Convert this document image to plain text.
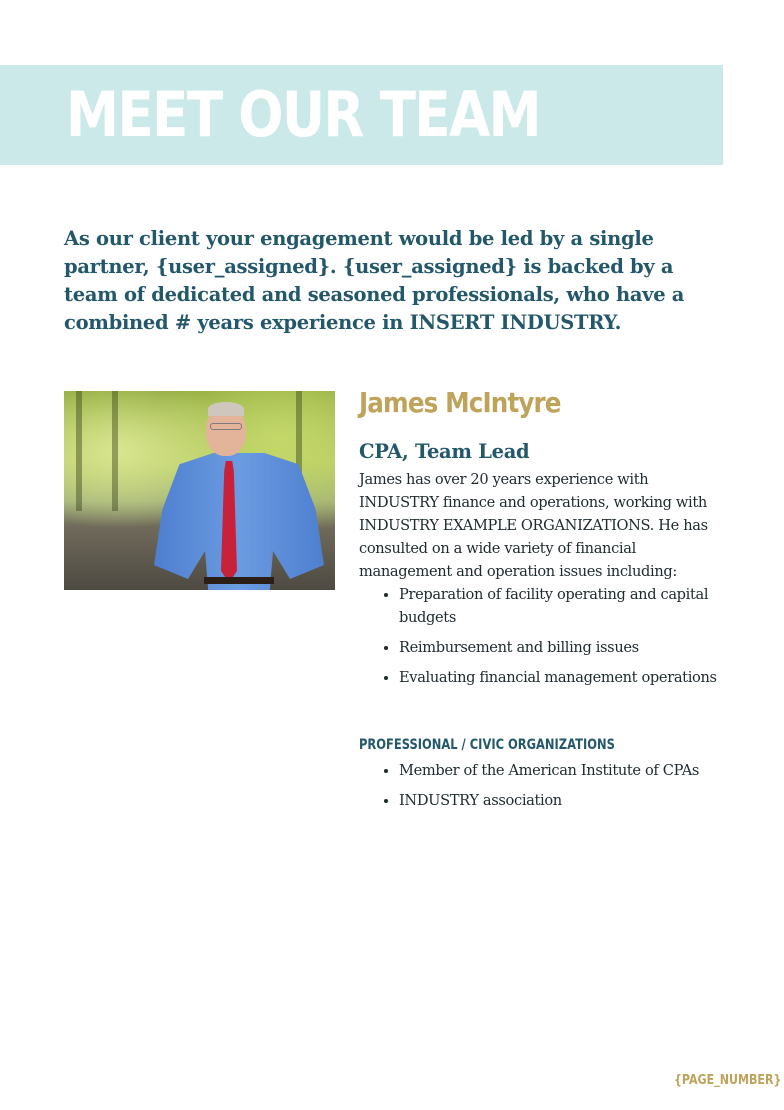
MEET OUR TEAM

As our client your engagement would be led by a single partner, {user_assigned}. {user_assigned} is backed by a team of dedicated and seasoned professionals, who have a combined # years experience in INSERT INDUSTRY.

James McIntyre
CPA, Team Lead

James has over 20 years experience with INDUSTRY finance and operations, working with INDUSTRY EXAMPLE ORGANIZATIONS. He has consulted on a wide variety of financial management and operation issues including:

• Preparation of facility operating and capital budgets
• Reimbursement and billing issues
• Evaluating financial management operations
PROFESSIONAL / CIVIC ORGANIZATIONS
• Member of the American Institute of CPAs
• INDUSTRY association

{PAGE_NUMBER}
